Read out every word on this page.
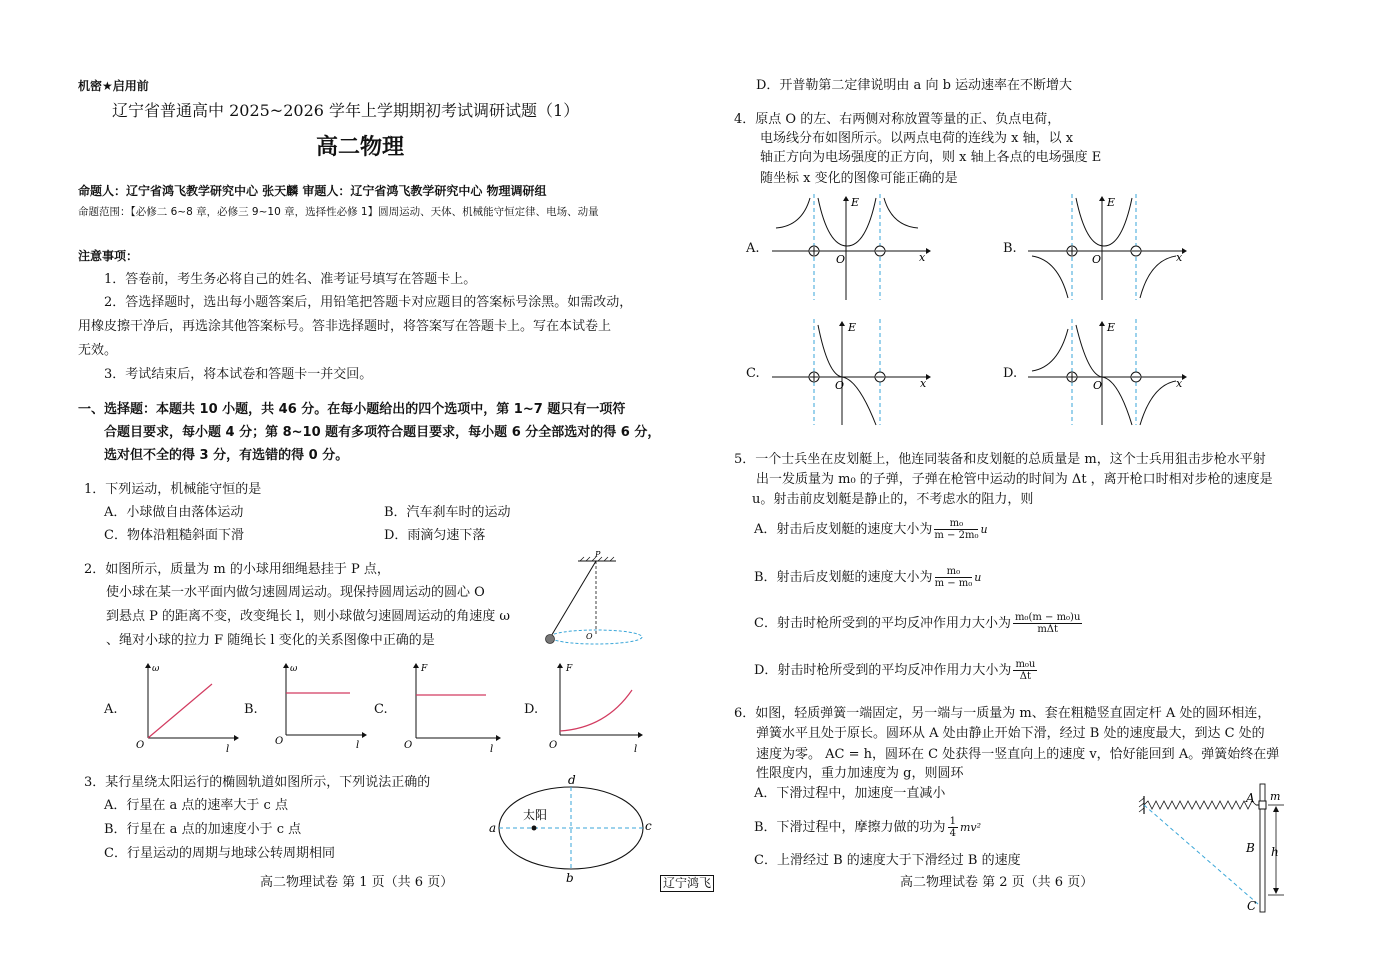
机密★启用前
辽宁省普通高中 2025~2026 学年上学期期初考试调研试题（1）
高二物理
命题人：辽宁省鸿飞教学研究中心 张天麟 审题人：辽宁省鸿飞教学研究中心 物理调研组
命题范围：【必修二 6~8 章，必修三 9~10 章，选择性必修 1】圆周运动、天体、机械能守恒定律、电场、动量
注意事项：
1．答卷前，考生务必将自己的姓名、准考证号填写在答题卡上。
2．答选择题时，选出每小题答案后，用铅笔把答题卡对应题目的答案标号涂黑。如需改动，
用橡皮擦干净后，再选涂其他答案标号。答非选择题时，将答案写在答题卡上。写在本试卷上
无效。
3．考试结束后，将本试卷和答题卡一并交回。
一、选择题：本题共 10 小题，共 46 分。在每小题给出的四个选项中，第 1~7 题只有一项符
合题目要求，每小题 4 分；第 8~10 题有多项符合题目要求，每小题 6 分全部选对的得 6 分，
选对但不全的得 3 分，有选错的得 0 分。
1．下列运动，机械能守恒的是
A．小球做自由落体运动	B．汽车刹车时的运动
C．物体沿粗糙斜面下滑	D．雨滴匀速下落
2．如图所示，质量为 m 的小球用细绳悬挂于 P 点，
使小球在某一水平面内做匀速圆周运动。现保持圆周运动的圆心 O
到悬点 P 的距离不变，改变绳长 l，则小球做匀速圆周运动的角速度 ω
、绳对小球的拉力 F 随绳长 l 变化的关系图像中正确的是
P
O
A.
ω
O	l
B.
ω
O	l
C.
F
O	l
D.
F
O	l
3．某行星绕太阳运行的椭圆轨道如图所示，下列说法正确的
A．行星在 a 点的速率大于 c 点
B．行星在 a 点的加速度小于 c 点
C．行星运动的周期与地球公转周期相同
d
太阳
a	c
b
高二物理试卷 第 1 页（共 6 页）	辽宁鸿飞	高二物理试卷 第 2 页（共 6 页）
D．开普勒第二定律说明由 a 向 b 运动速率在不断增大
4．原点 O 的左、右两侧对称放置等量的正、负点电荷，
电场线分布如图所示。以两点电荷的连线为 x 轴，以 x
轴正方向为电场强度的正方向，则 x 轴上各点的电场强度 E
随坐标 x 变化的图像可能正确的是
A.
E
O	x
B.
E
O	x
C.
E
O	x
D.
E
O	x
5．一个士兵坐在皮划艇上，他连同装备和皮划艇的总质量是 m，这个士兵用狙击步枪水平射
出一发质量为 m₀ 的子弹，子弹在枪管中运动的时间为 Δt ，离开枪口时相对步枪的速度是
u。射击前皮划艇是静止的，不考虑水的阻力，则
A．射击后皮划艇的速度大小为 $\frac{\text{m₀}}{\text{m − 2m₀}}$ u
B．射击后皮划艇的速度大小为 $\frac{\text{m₀}}{\text{m − m₀}}$ u
C．射击时枪所受到的平均反冲作用力大小为 $\frac{\text{m₀(m − m₀)u}}{\text{mΔt}}$
D．射击时枪所受到的平均反冲作用力大小为 $\frac{\text{m₀u}}{\Delta t}$
6．如图，轻质弹簧一端固定，另一端与一质量为 m、套在粗糙竖直固定杆 A 处的圆环相连，
弹簧水平且处于原长。圆环从 A 处由静止开始下滑，经过 B 处的速度最大，到达 C 处的
速度为零。 AC = h，圆环在 C 处获得一竖直向上的速度 v，恰好能回到 A。弹簧始终在弹
性限度内，重力加速度为 g，则圆环
A．下滑过程中，加速度一直减小
B．下滑过程中，摩擦力做的功为 $\frac{1}{4} mv^2$
C．上滑经过 B 的速度大于下滑经过 B 的速度
A m
B h
C
